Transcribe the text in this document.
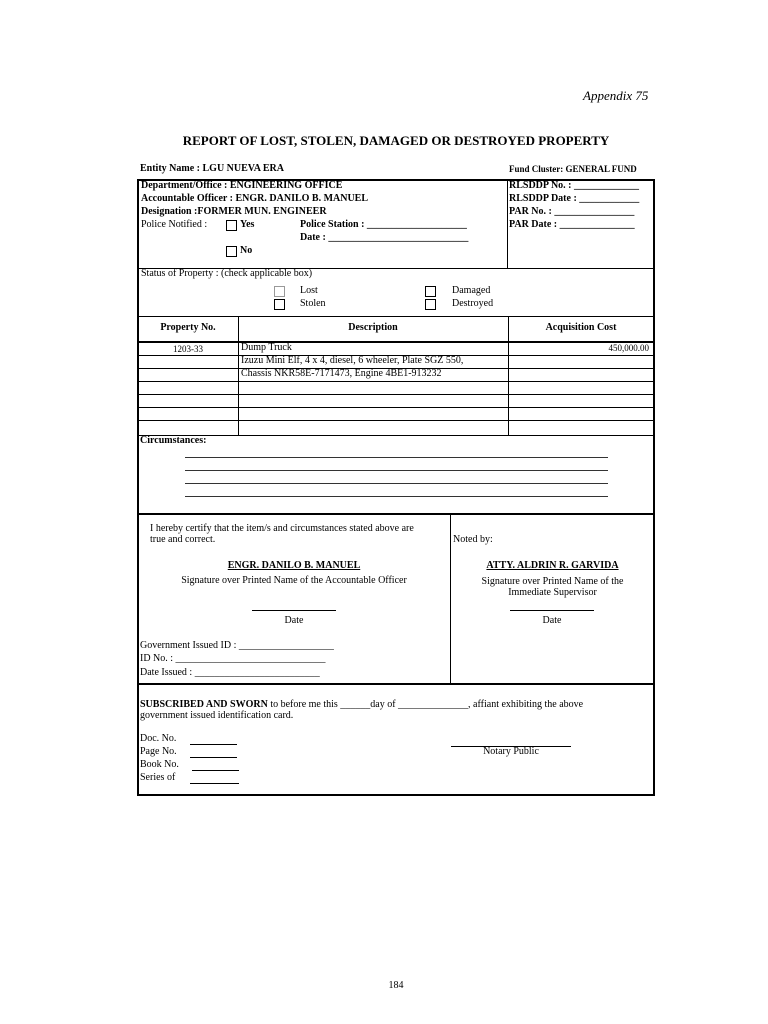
Appendix 75
REPORT OF LOST, STOLEN, DAMAGED OR DESTROYED PROPERTY
Entity Name : LGU NUEVA ERA	Fund Cluster: GENERAL FUND
Department/Office : ENGINEERING OFFICE
Accountable Officer : ENGR. DANILO B. MANUEL
Designation :FORMER MUN. ENGINEER
Police Notified :	Yes
No
Police Station : ____________________
Date : ____________________________
RLSDDP No. : _____________
RLSDDP Date : ____________
PAR No. : ________________
PAR Date : _______________
Status of Property : (check applicable box)
Lost
Stolen
Damaged
Destroyed
Property No.	Description	Acquisition Cost
1203-33	Dump Truck	450,000.00
Izuzu Mini Elf, 4 x 4, diesel, 6 wheeler, Plate SGZ 550,
Chassis NKR58E-7171473, Engine 4BE1-913232
Circumstances:
I hereby certify that the item/s and circumstances stated above are
true and correct.
ENGR. DANILO B. MANUEL
Signature over Printed Name of the Accountable Officer
Date
Government Issued ID : ___________________
ID No. : ______________________________
Date Issued : _________________________
Noted by:
ATTY. ALDRIN R. GARVIDA
Signature over Printed Name of the
Immediate Supervisor
Date
SUBSCRIBED AND SWORN to before me this ______day of ______________, affiant exhibiting the above
government issued identification card.
Doc. No.
Page No.
Book No.
Series of
Notary Public
184
